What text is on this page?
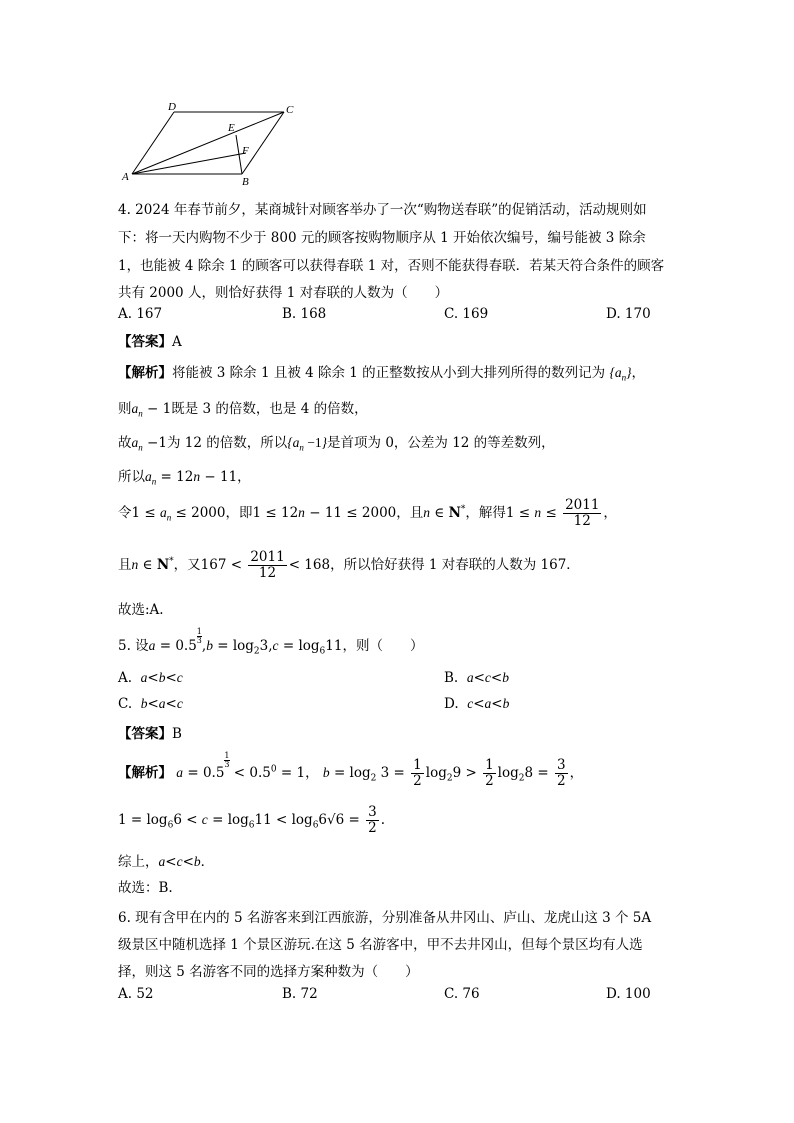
D	C
E
F
A	B
4. 2024 年春节前夕，某商城针对顾客举办了一次“购物送春联”的促销活动，活动规则如
下：将一天内购物不少于 800 元的顾客按购物顺序从 1 开始依次编号，编号能被 3 除余
1，也能被 4 除余 1 的顾客可以获得春联 1 对，否则不能获得春联．若某天符合条件的顾客
共有 2000 人，则恰好获得 1 对春联的人数为（　　）
A. 167	B. 168	C. 169	D. 170
【答案】A
【解析】将能被 3 除余 1 且被 4 除余 1 的正整数按从小到大排列所得的数列记为 $\{a_n\}$，
则$a_n - 1$既是 3 的倍数，也是 4 的倍数，
故$a_n -1$为 12 的倍数，所以$\{a_n -1\}$是首项为 0，公差为 12 的等差数列，
所以$a_n = 12n - 11$，
令$1 \le a_n \le 2000$，即1 ≤ 12n − 11 ≤ 2000，且n ∈ N*，解得$1 \le n \le \frac{2011}{12}$ ，
且n ∈ N*，又$167 < \frac{2011}{12} < 168$，所以恰好获得 1 对春联的人数为 167．
故选:A.
5. 设a = 0.5
$\frac{1}{3},b = \log_23,c = \log_611$，则（　　）
A. a<b<c	B. a<c<b
C. b<a<c	D. c<a<b
【答案】B
【解析】 a = 0.5
$\frac{1}{3} < 0.5^0 = 1$， $b = \log_2 3 = \frac{1}{2} \log_29 > \frac{1}{2} \log_28 = \frac{3}{2}$ ，
$1 = \log_66 < c = \log_611 < \log_66√6 = \frac{3}{2}$ .
综上，a<c<b．
故选：B.
6. 现有含甲在内的 5 名游客来到江西旅游，分别准备从井冈山、庐山、龙虎山这 3 个 5A
级景区中随机选择 1 个景区游玩.在这 5 名游客中，甲不去井冈山，但每个景区均有人选
择，则这 5 名游客不同的选择方案种数为（　　）
A. 52	B. 72	C. 76	D. 100
